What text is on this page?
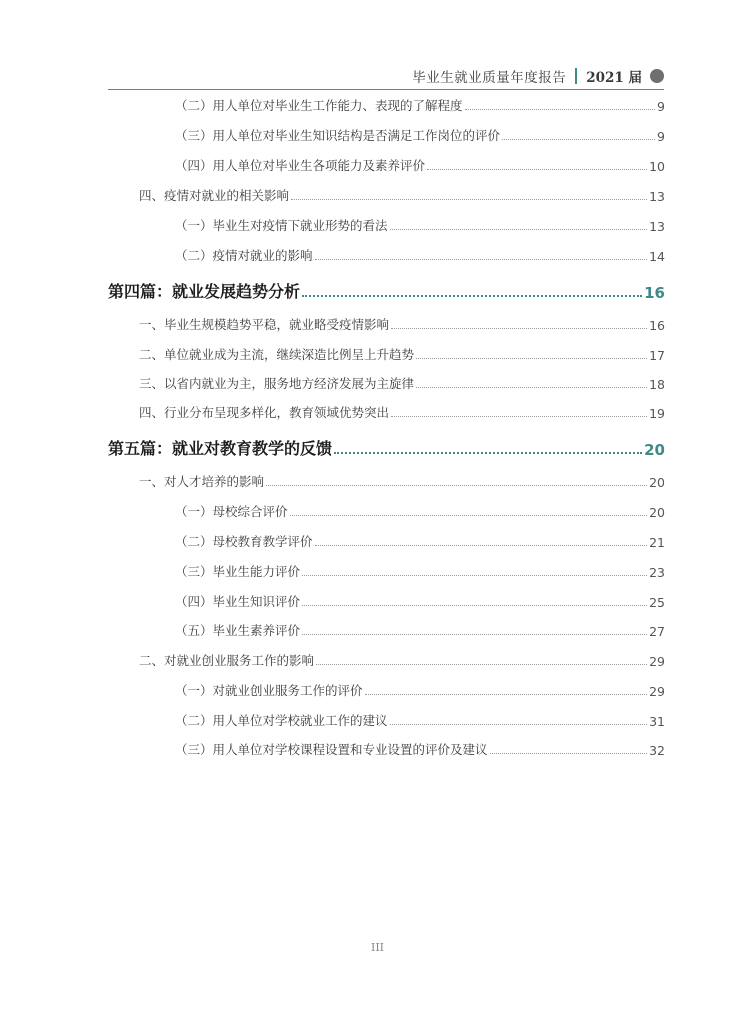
毕业生就业质量年度报告 2021 届
（二）用人单位对毕业生工作能力、表现的了解程度	9
（三）用人单位对毕业生知识结构是否满足工作岗位的评价	9
（四）用人单位对毕业生各项能力及素养评价	10
四、疫情对就业的相关影响	13
（一）毕业生对疫情下就业形势的看法	13
（二）疫情对就业的影响	14
第四篇：就业发展趋势分析	16
一、毕业生规模趋势平稳，就业略受疫情影响	16
二、单位就业成为主流，继续深造比例呈上升趋势	17
三、以省内就业为主，服务地方经济发展为主旋律	18
四、行业分布呈现多样化，教育领域优势突出	19
第五篇：就业对教育教学的反馈	20
一、对人才培养的影响	20
（一）母校综合评价	20
（二）母校教育教学评价	21
（三）毕业生能力评价	23
（四）毕业生知识评价	25
（五）毕业生素养评价	27
二、对就业创业服务工作的影响	29
（一）对就业创业服务工作的评价	29
（二）用人单位对学校就业工作的建议	31
（三）用人单位对学校课程设置和专业设置的评价及建议	32
III
